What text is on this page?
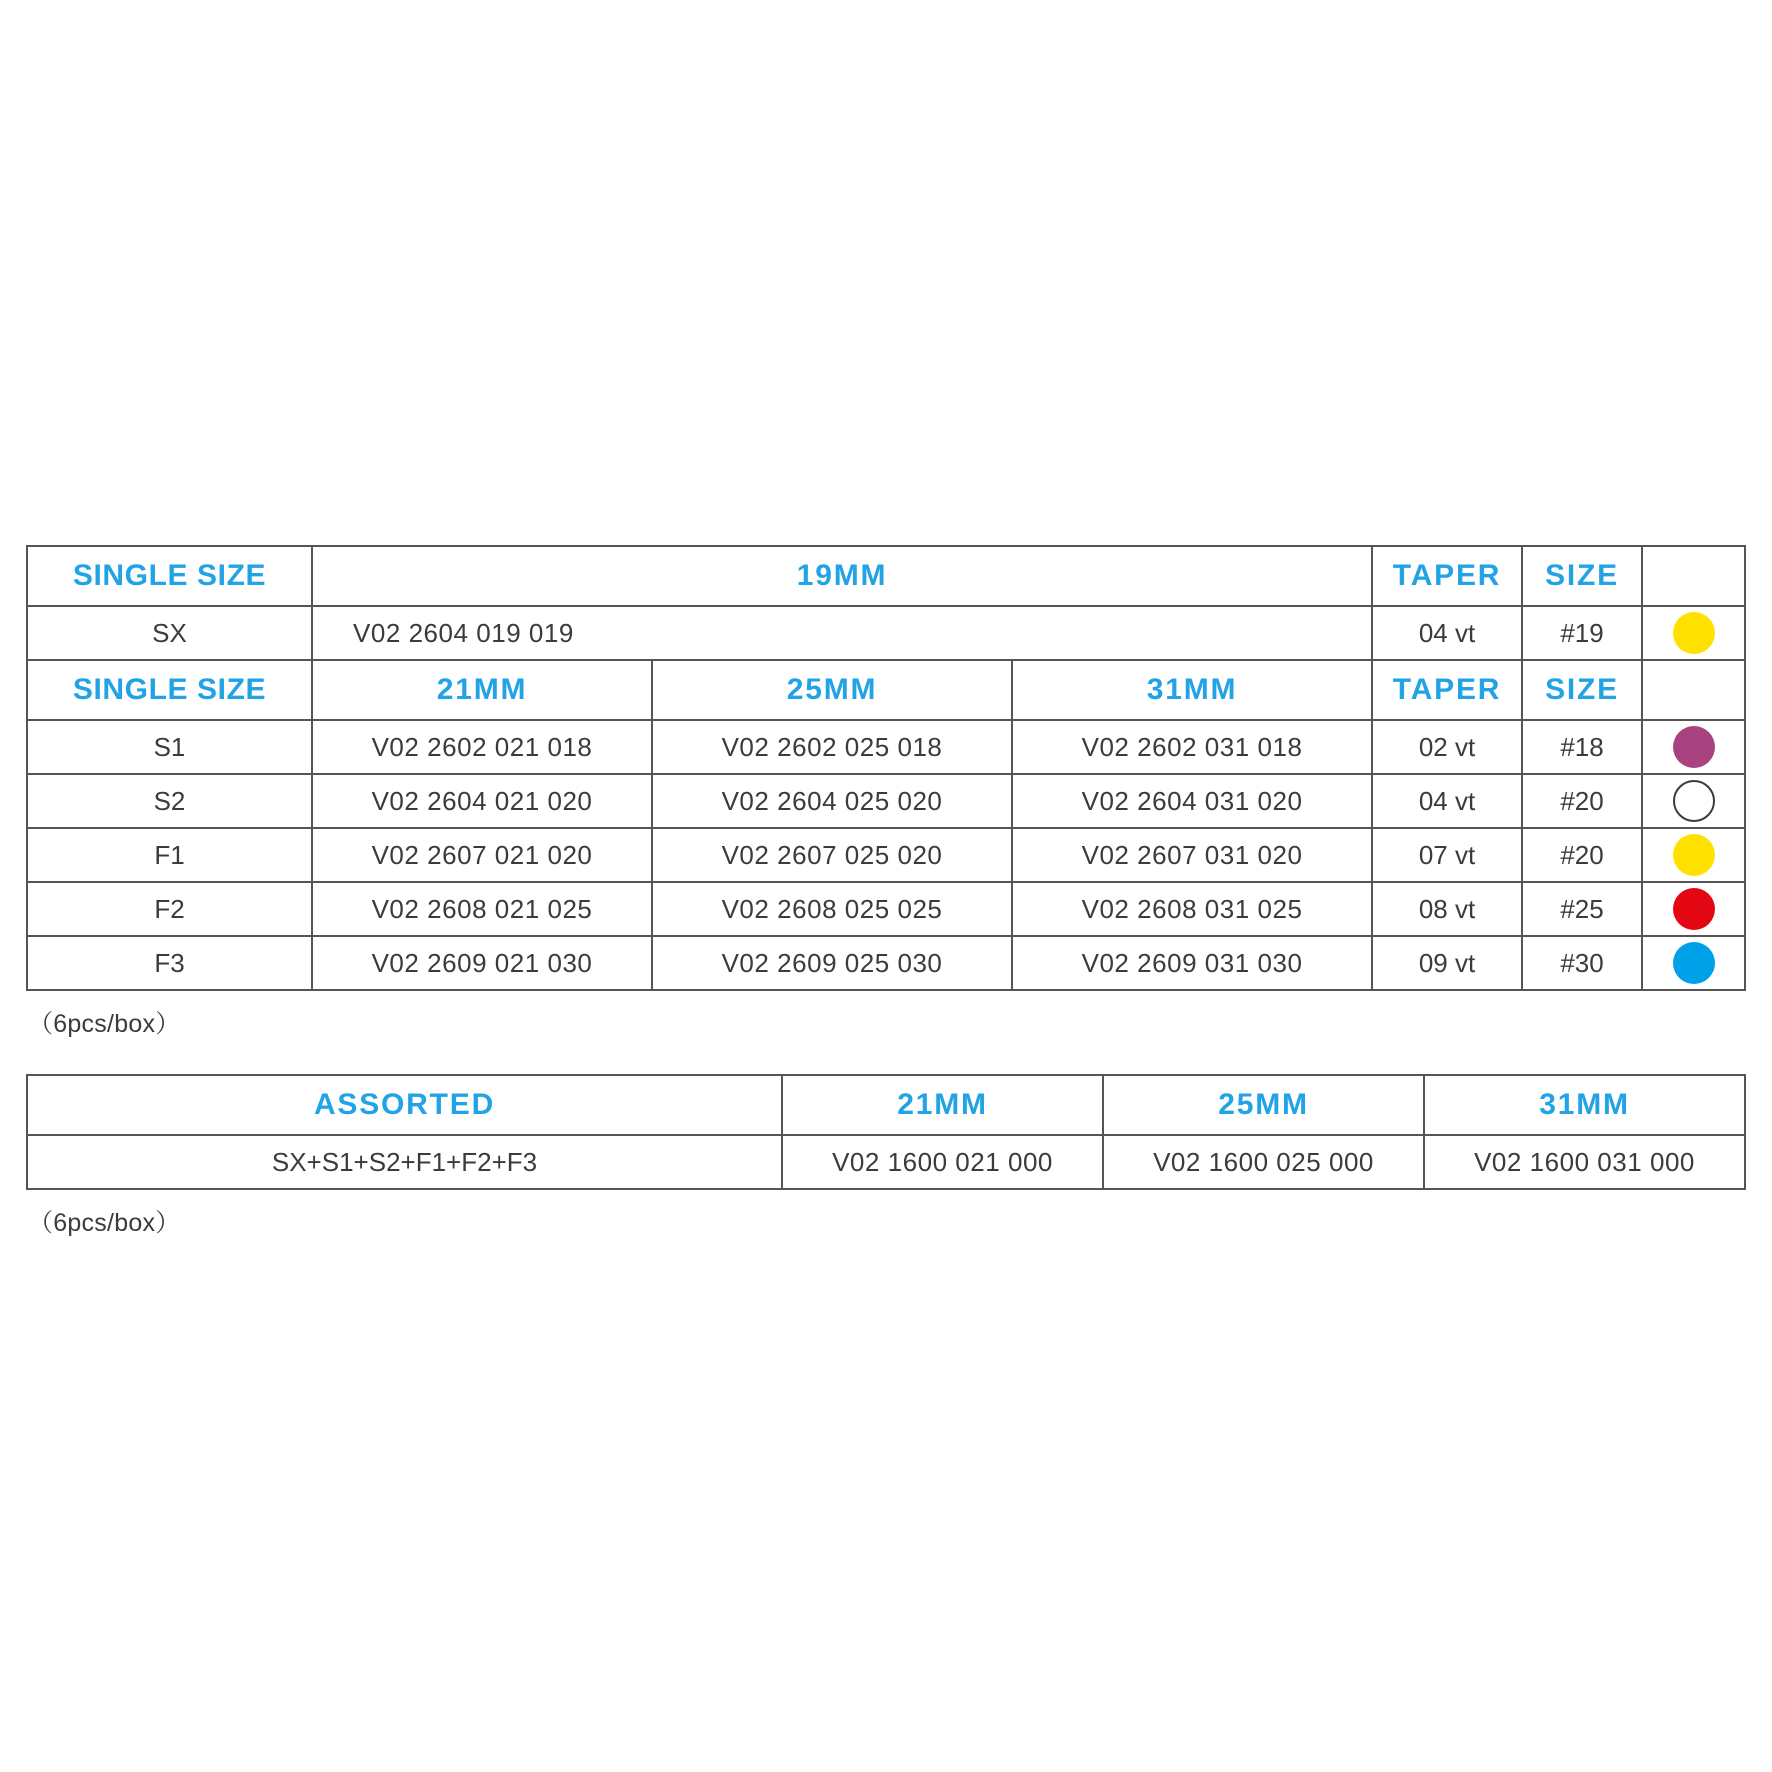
SINGLE SIZE	19MM			TAPER	SIZE	
SX	V02 2604 019 019			04 vt	#19	

SINGLE SIZE	21MM	25MM	31MM	TAPER	SIZE	
S1	V02 2602 021 018	V02 2602 025 018	V02 2602 031 018	02 vt	#18	

S2	V02 2604 021 020	V02 2604 025 020	V02 2604 031 020	04 vt	#20	

F1	V02 2607 021 020	V02 2607 025 020	V02 2607 031 020	07 vt	#20	

F2	V02 2608 021 025	V02 2608 025 025	V02 2608 031 025	08 vt	#25	

F3	V02 2609 021 030	V02 2609 025 030	V02 2609 031 030	09 vt	#30	
（6pcs/box）
ASSORTED	21MM	25MM	31MM
SX+S1+S2+F1+F2+F3	V02 1600 021 000	V02 1600 025 000	V02 1600 031 000
（6pcs/box）
